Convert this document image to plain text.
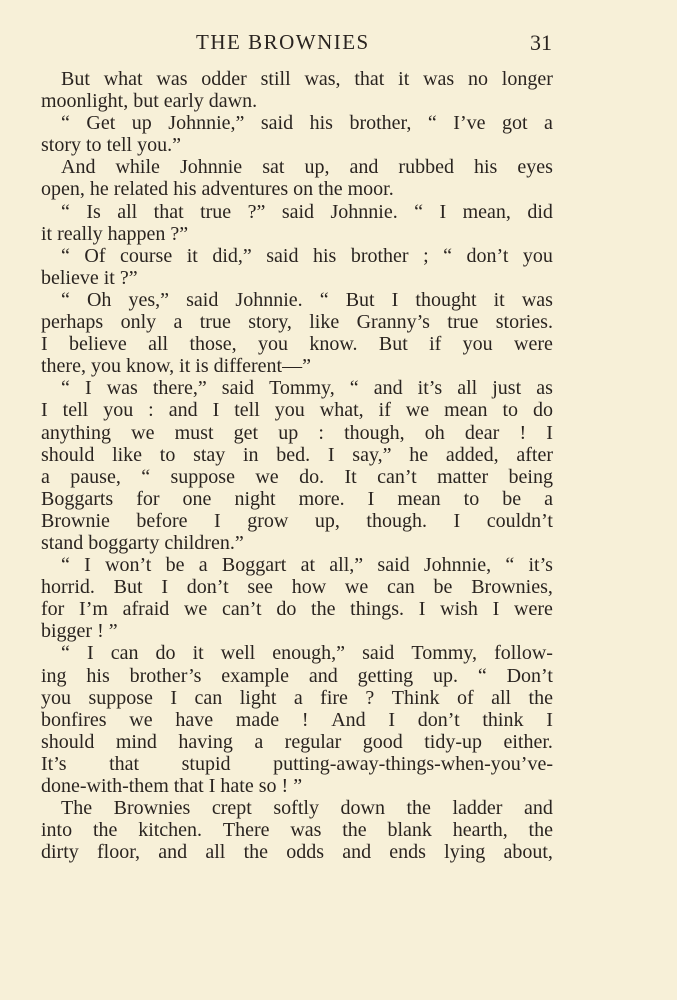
THE BROWNIES	31
But what was odder still was, that it was no longer
moonlight, but early dawn.
“ Get up Johnnie,” said his brother, “ I’ve got a
story to tell you.”
And while Johnnie sat up, and rubbed his eyes
open, he related his adventures on the moor.
“ Is all that true ?” said Johnnie. “ I mean, did
it really happen ?”
“ Of course it did,” said his brother ; “ don’t you
believe it ?”
“ Oh yes,” said Johnnie. “ But I thought it was
perhaps only a true story, like Granny’s true stories.
I believe all those, you know. But if you were
there, you know, it is different—”
“ I was there,” said Tommy, “ and it’s all just as
I tell you : and I tell you what, if we mean to do
anything we must get up : though, oh dear ! I
should like to stay in bed. I say,” he added, after
a pause, “ suppose we do. It can’t matter being
Boggarts for one night more. I mean to be a
Brownie before I grow up, though. I couldn’t
stand boggarty children.”
“ I won’t be a Boggart at all,” said Johnnie, “ it’s
horrid. But I don’t see how we can be Brownies,
for I’m afraid we can’t do the things. I wish I were
bigger ! ”
“ I can do it well enough,” said Tommy, follow-
ing his brother’s example and getting up. “ Don’t
you suppose I can light a fire ? Think of all the
bonfires we have made ! And I don’t think I
should mind having a regular good tidy-up either.
It’s that stupid putting-away-things-when-you’ve-
done-with-them that I hate so ! ”
The Brownies crept softly down the ladder and
into the kitchen. There was the blank hearth, the
dirty floor, and all the odds and ends lying about,
